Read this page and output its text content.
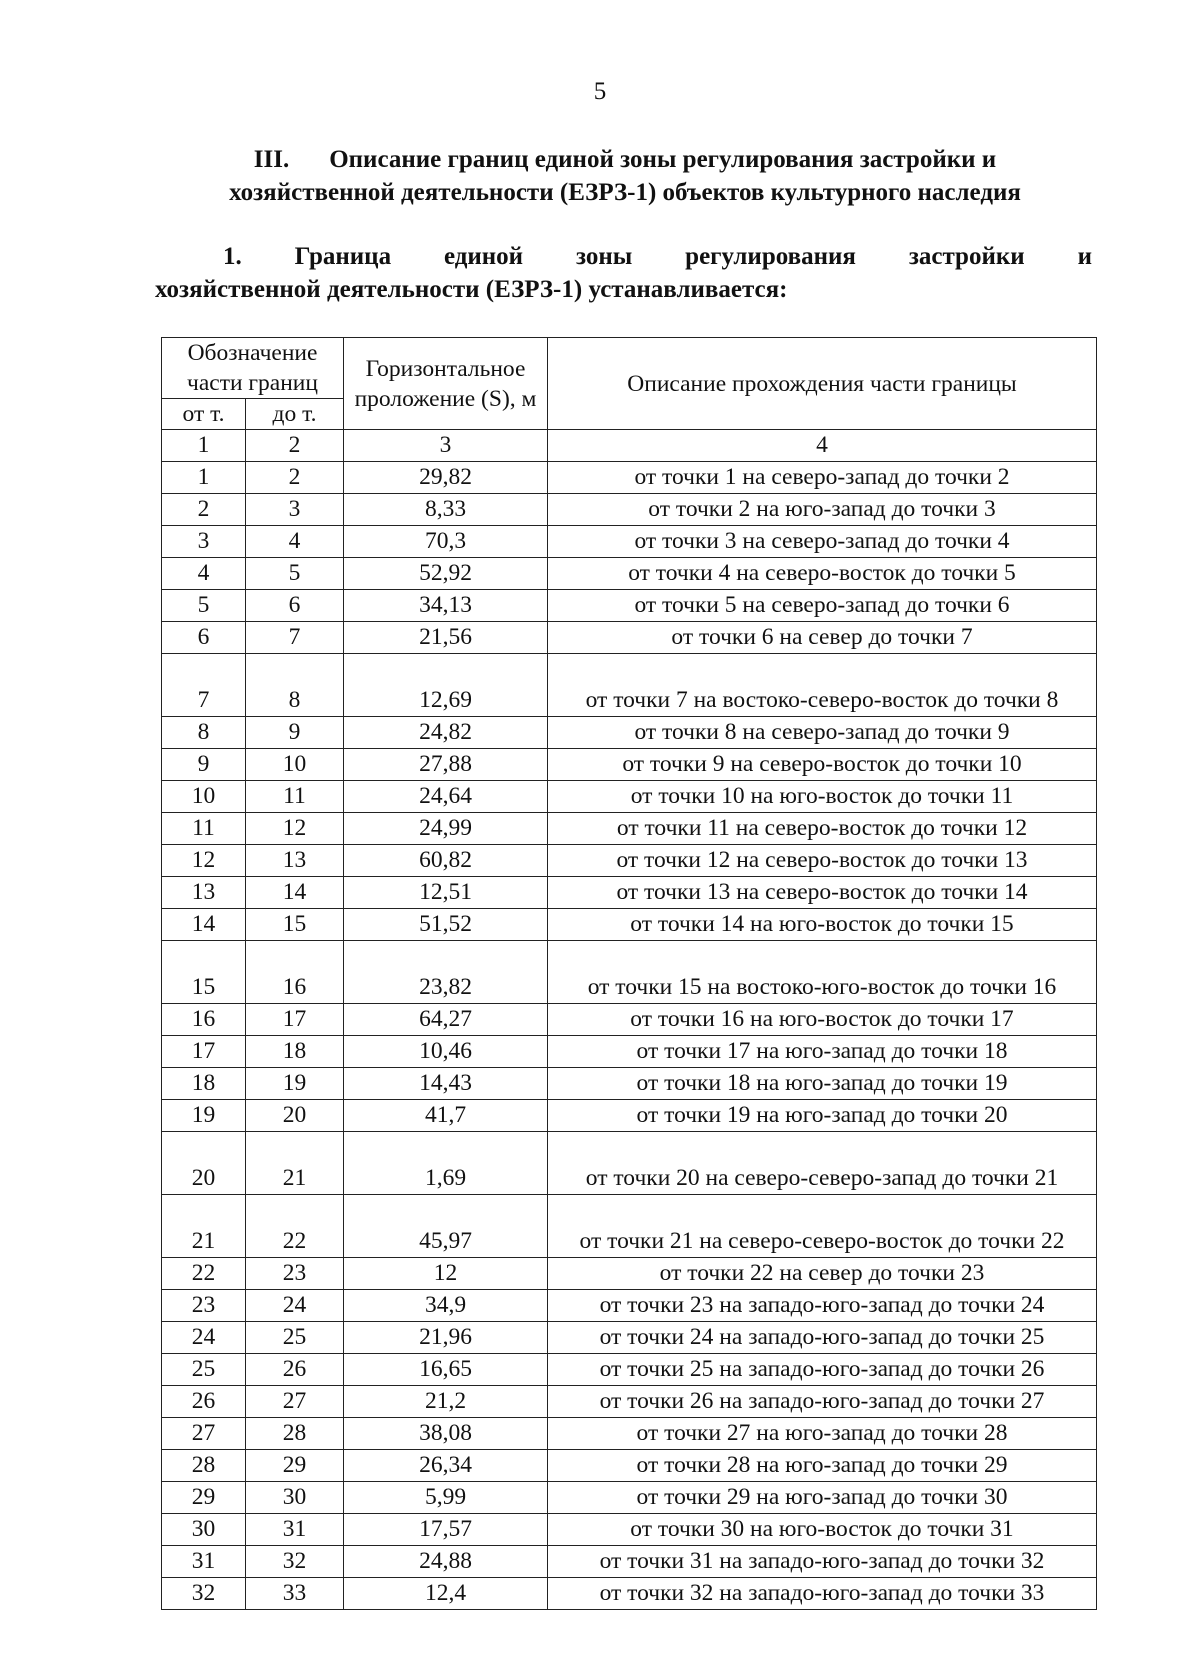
5
III. Описание границ единой зоны регулирования застройки и хозяйственной деятельности (ЕЗРЗ-1) объектов культурного наследия
1. Граница единой зоны регулирования застройки и
хозяйственной деятельности (ЕЗРЗ-1) устанавливается:
Обозначение части границ		Горизонтальное проложение (S), м	Описание прохождения части границы
от т.	до т.		
1	2	3	4
1	2	29,82	от точки 1 на северо-запад до точки 2
2	3	8,33	от точки 2 на юго-запад до точки 3
3	4	70,3	от точки 3 на северо-запад до точки 4
4	5	52,92	от точки 4 на северо-восток до точки 5
5	6	34,13	от точки 5 на северо-запад до точки 6
6	7	21,56	от точки 6 на север до точки 7
7	8	12,69	от точки 7 на востоко-северо-восток до точки 8
8	9	24,82	от точки 8 на северо-запад до точки 9
9	10	27,88	от точки 9 на северо-восток до точки 10
10	11	24,64	от точки 10 на юго-восток до точки 11
11	12	24,99	от точки 11 на северо-восток до точки 12
12	13	60,82	от точки 12 на северо-восток до точки 13
13	14	12,51	от точки 13 на северо-восток до точки 14
14	15	51,52	от точки 14 на юго-восток до точки 15
15	16	23,82	от точки 15 на востоко-юго-восток до точки 16
16	17	64,27	от точки 16 на юго-восток до точки 17
17	18	10,46	от точки 17 на юго-запад до точки 18
18	19	14,43	от точки 18 на юго-запад до точки 19
19	20	41,7	от точки 19 на юго-запад до точки 20
20	21	1,69	от точки 20 на северо-северо-запад до точки 21
21	22	45,97	от точки 21 на северо-северо-восток до точки 22
22	23	12	от точки 22 на север до точки 23
23	24	34,9	от точки 23 на западо-юго-запад до точки 24
24	25	21,96	от точки 24 на западо-юго-запад до точки 25
25	26	16,65	от точки 25 на западо-юго-запад до точки 26
26	27	21,2	от точки 26 на западо-юго-запад до точки 27
27	28	38,08	от точки 27 на юго-запад до точки 28
28	29	26,34	от точки 28 на юго-запад до точки 29
29	30	5,99	от точки 29 на юго-запад до точки 30
30	31	17,57	от точки 30 на юго-восток до точки 31
31	32	24,88	от точки 31 на западо-юго-запад до точки 32
32	33	12,4	от точки 32 на западо-юго-запад до точки 33
